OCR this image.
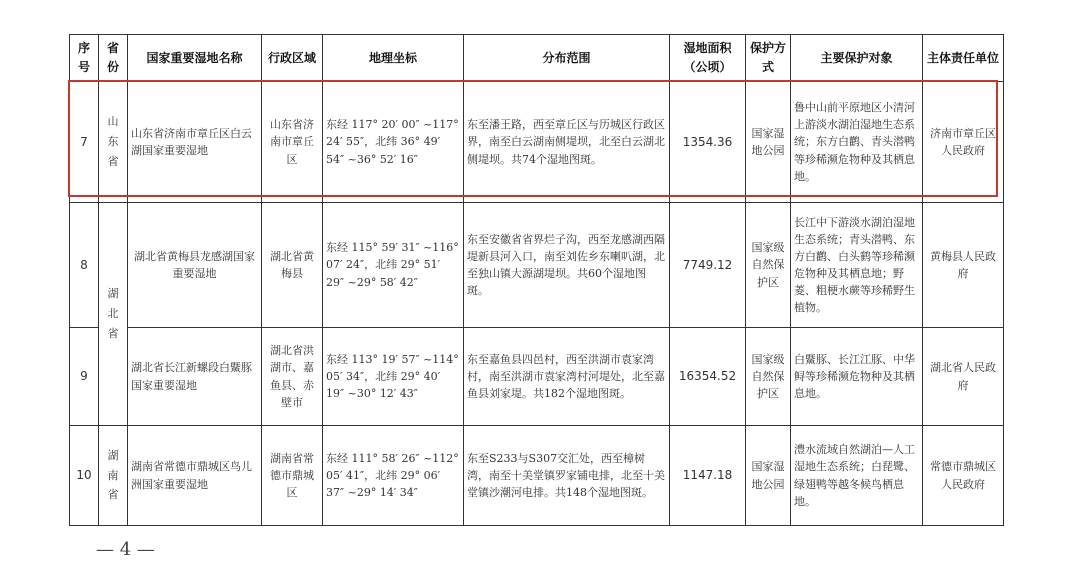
序号	省份	国家重要湿地名称	行政区域	地理坐标	分布范围	湿地面积（公顷）	保护方式	主要保护对象	主体责任单位
7	山东省	山东省济南市章丘区白云湖国家重要湿地	山东省济南市章丘区	东经 117° 20′ 00″ ~117° 24′ 55″，北纬 36° 49′ 54″ ~36° 52′ 16″	东至潘王路，西至章丘区与历城区行政区界，南至白云湖南侧堤坝，北至白云湖北侧堤坝。共74个湿地图斑。	1354.36	国家湿地公园	鲁中山前平原地区小清河上游淡水湖泊湿地生态系统；东方白鹳、青头潜鸭等珍稀濒危物种及其栖息地。	济南市章丘区人民政府
8	湖北省	湖北省黄梅县龙感湖国家重要湿地	湖北省黄梅县	东经 115° 59′ 31″ ~116° 07′ 24″，北纬 29° 51′ 29″ ~29° 58′ 42″	东至安徽省省界烂子沟，西至龙感湖西隔堤新县河入口，南至刘佐乡东喇叭湖，北至独山镇大源湖堤坝。共60个湿地图斑。	7749.12	国家级自然保护区	长江中下游淡水湖泊湿地生态系统；青头潜鸭、东方白鹳、白头鹤等珍稀濒危物种及其栖息地；野菱、粗梗水蕨等珍稀野生植物。	黄梅县人民政府
9		湖北省长江新螺段白鱀豚国家重要湿地	湖北省洪湖市、嘉鱼县、赤壁市	东经 113° 19′ 57″ ~114° 05′ 34″，北纬 29° 40′ 19″ ~30° 12′ 43″	东至嘉鱼县四邑村，西至洪湖市袁家湾村，南至洪湖市袁家湾村河堤处，北至嘉鱼县刘家堤。共182个湿地图斑。	16354.52	国家级自然保护区	白鱀豚、长江江豚、中华鲟等珍稀濒危物种及其栖息地。	湖北省人民政府
10	湖南省	湖南省常德市鼎城区鸟儿洲国家重要湿地	湖南省常德市鼎城区	东经 111° 58′ 26″ ~112° 05′ 41″，北纬 29° 06′ 37″ ~29° 14′ 34″	东至S233与S307交汇处，西至樟树湾，南至十美堂镇罗家铺电排，北至十美堂镇沙潮河电排。共148个湿地图斑。	1147.18	国家湿地公园	澧水流域自然湖泊—人工湿地生态系统；白琵鹭、绿翅鸭等越冬候鸟栖息地。	常德市鼎城区人民政府
— 4 —
